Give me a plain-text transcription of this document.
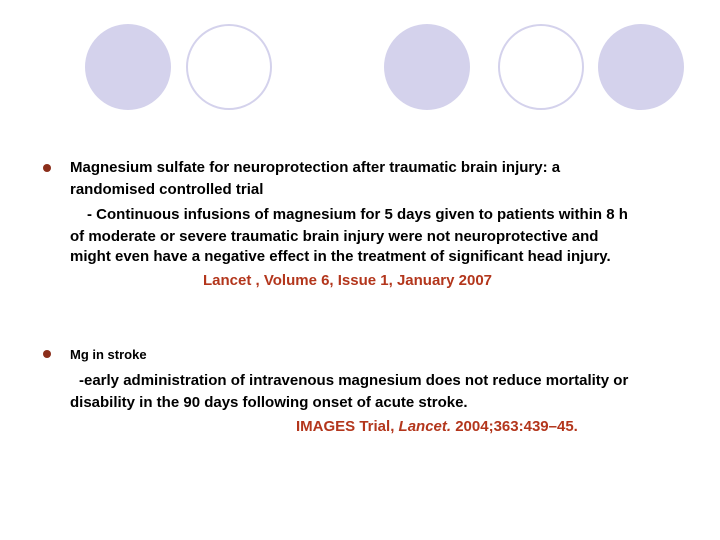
Magnesium sulfate for neuroprotection after traumatic brain injury: a

randomised controlled trial

- Continuous infusions of magnesium for 5 days given to patients within 8 h

of moderate or severe traumatic brain injury were not neuroprotective and

might even have a negative effect in the treatment of significant head injury.

Lancet , Volume 6, Issue 1, January 2007

Mg in stroke

-early administration of intravenous magnesium does not reduce mortality or

disability in the 90 days following onset of acute stroke.

IMAGES Trial, Lancet. 2004;363:439–45.
